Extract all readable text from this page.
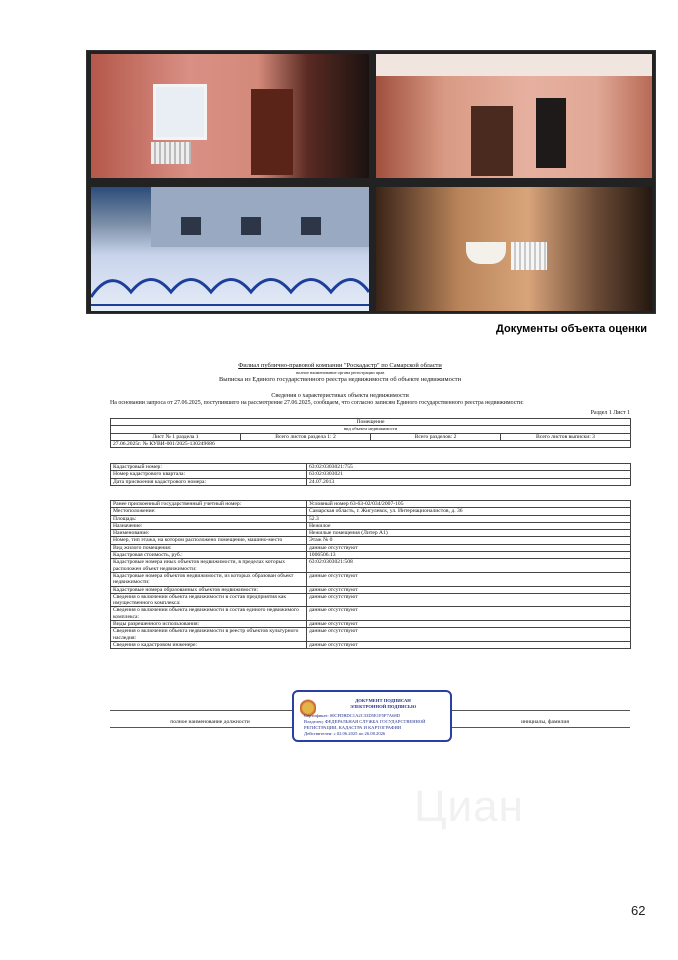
Документы объекта оценки
Филиал публично-правовой компании "Роскадастр" по Самарской области
полное наименование органа регистрации прав
Выписка из Единого государственного реестра недвижимости об объекте недвижимости
Сведения о характеристиках объекта недвижимости
На основании запроса от 27.06.2025, поступившего на рассмотрение 27.06.2025, сообщаем, что согласно записям Единого государственного реестра недвижимости:
Раздел 1 Лист 1
Помещение
вид объекта недвижимости
Лист № 1 раздела 1	Всего листов раздела 1: 2	Всего разделов: 2	Всего листов выписки: 3
27.06.2025г. № КУВИ-001/2025-130249686
Кадастровый номер:	63:02:0303021:755
Номер кадастрового квартала:	63:02:0303021
Дата присвоения кадастрового номера:	24.07.2013
Ранее присвоенный государственный учетный номер:	Условный номер 63-63-02/034/2007-105
Местоположение:	Самарская область, г. Жигулевск, ул. Интернационалистов, д. 36
Площадь:	52.3
Назначение:	Нежилое
Наименование:	Нежилые помещения (Литер А1)
Номер, тип этажа, на котором расположено помещение, машино-место	Этаж № 0
Вид жилого помещения:	данные отсутствуют
Кадастровая стоимость, руб.:	1006506.13
Кадастровые номера иных объектов недвижимости, в пределах которых расположен объект недвижимости:	63:02:0303021:508
Кадастровые номера объектов недвижимости, из которых образован объект недвижимости:	данные отсутствуют
Кадастровые номера образованных объектов недвижимости:	данные отсутствуют
Сведения о включении объекта недвижимости в состав предприятия как имущественного комплекса:	данные отсутствуют
Сведения о включении объекта недвижимости в состав единого недвижимого комплекса:	данные отсутствуют
Виды разрешенного использования:	данные отсутствуют
Сведения о включении объекта недвижимости в реестр объектов культурного наследия:	данные отсутствуют
Сведения о кадастровом инженере:	данные отсутствуют
полное наименование должности	инициалы, фамилия
ДОКУМЕНТ ПОДПИСАН
ЭЛЕКТРОННОЙ ПОДПИСЬЮ
Сертификат: 00CFDBDC1A2C33D5E1F5F7A68D
Владелец: ФЕДЕРАЛЬНАЯ СЛУЖБА ГОСУДАРСТВЕННОЙ
РЕГИСТРАЦИИ, КАДАСТРА И КАРТОГРАФИИ
Действителен: с 02.06.2025 по 26.08.2026
Циан
62
